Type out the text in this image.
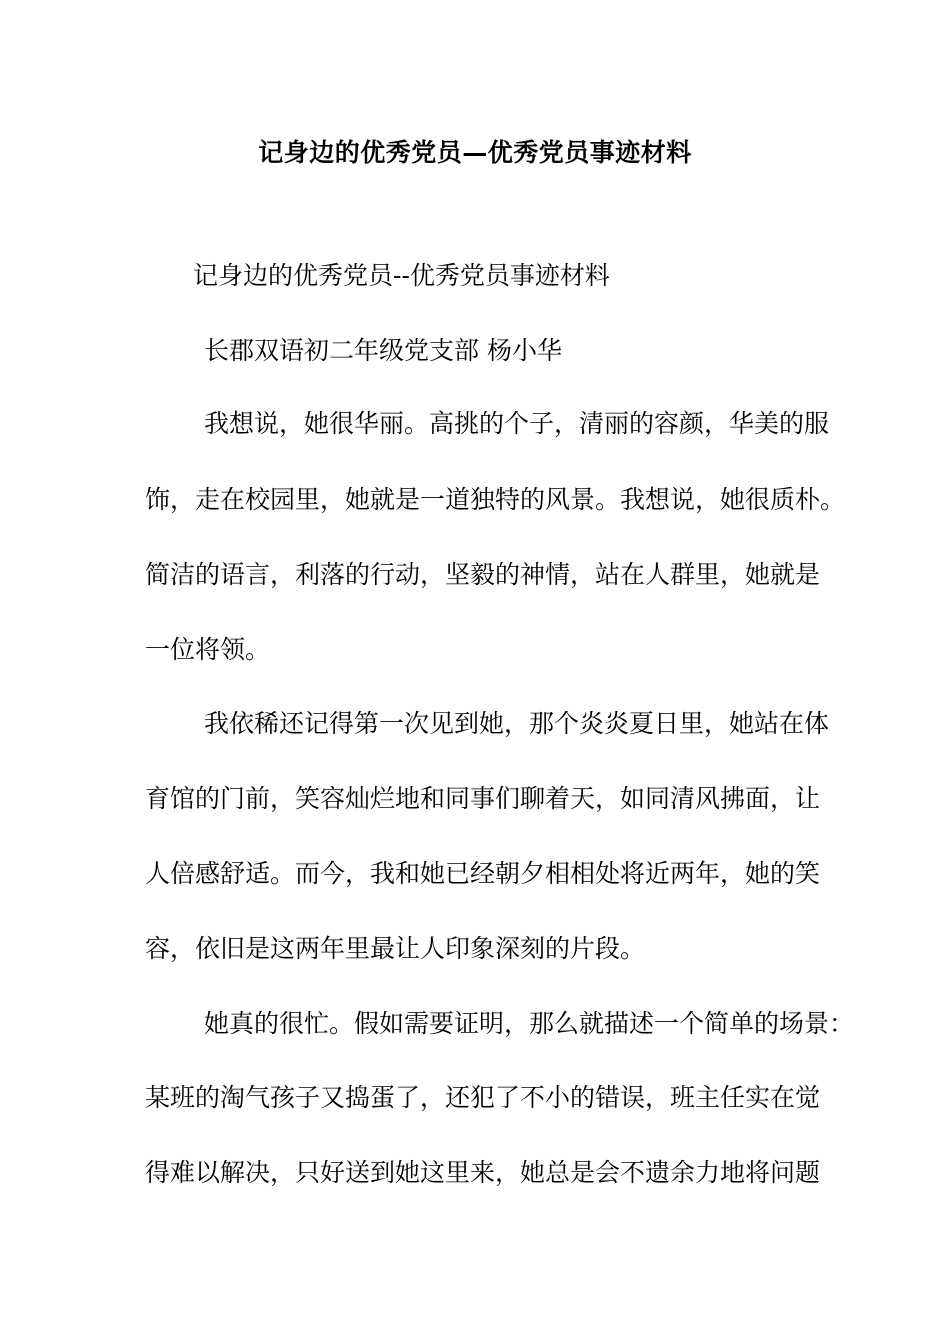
记身边的优秀党员—优秀党员事迹材料
记身边的优秀党员--优秀党员事迹材料
长郡双语初二年级党支部 杨小华
我想说，她很华丽。高挑的个子，清丽的容颜，华美的服
饰，走在校园里，她就是一道独特的风景。我想说，她很质朴。
简洁的语言，利落的行动，坚毅的神情，站在人群里，她就是
一位将领。
我依稀还记得第一次见到她，那个炎炎夏日里，她站在体
育馆的门前，笑容灿烂地和同事们聊着天，如同清风拂面，让
人倍感舒适。而今，我和她已经朝夕相相处将近两年，她的笑
容，依旧是这两年里最让人印象深刻的片段。
她真的很忙。假如需要证明，那么就描述一个简单的场景：
某班的淘气孩子又捣蛋了，还犯了不小的错误，班主任实在觉
得难以解决，只好送到她这里来，她总是会不遗余力地将问题
